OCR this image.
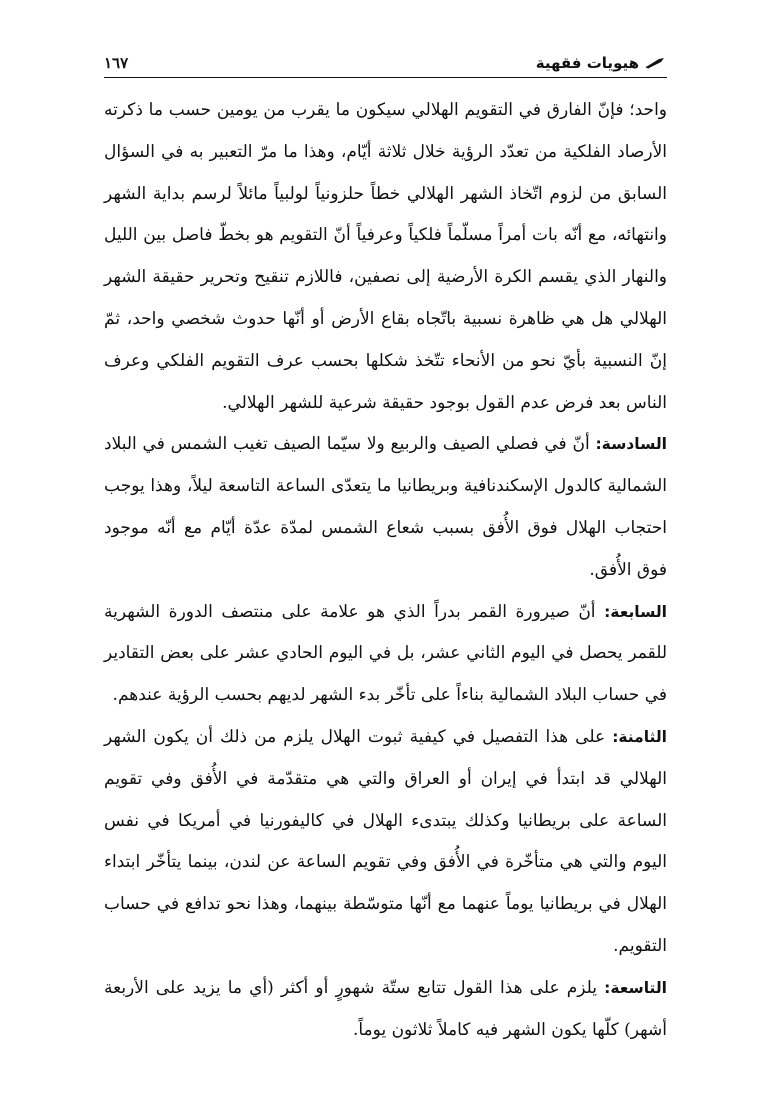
هيويات فقهية
١٦٧

واحد؛ فإنّ الفارق في التقويم الهلالي سيكون ما يقرب من يومين حسب ما ذكرته الأرصاد الفلكية من تعدّد الرؤية خلال ثلاثة أيّام، وهذا ما مرّ التعبير به في السؤال السابق من لزوم اتّخاذ الشهر الهلالي خطاً حلزونياً لولبياً مائلاً لرسم بداية الشهر وانتهائه، مع أنّه بات أمراً مسلّماً فلكياً وعرفياً أنّ التقويم هو بخطّ فاصل بين الليل والنهار الذي يقسم الكرة الأرضية إلى نصفين، فاللازم تنقيح وتحرير حقيقة الشهر الهلالي هل هي ظاهرة نسبية باتّجاه بقاع الأرض أو أنّها حدوث شخصي واحد، ثمّ إنّ النسبية بأيّ نحو من الأنحاء تتّخذ شكلها بحسب عرف التقويم الفلكي وعرف الناس بعد فرض عدم القول بوجود حقيقة شرعية للشهر الهلالي.

السادسة: أنّ في فصلي الصيف والربيع ولا سيّما الصيف تغيب الشمس في البلاد الشمالية كالدول الإسكندنافية وبريطانيا ما يتعدّى الساعة التاسعة ليلاً، وهذا يوجب احتجاب الهلال فوق الأُفق بسبب شعاع الشمس لمدّة عدّة أيّام مع أنّه موجود فوق الأُفق.

السابعة: أنّ صيرورة القمر بدراً الذي هو علامة على منتصف الدورة الشهرية للقمر يحصل في اليوم الثاني عشر، بل في اليوم الحادي عشر على بعض التقادير في حساب البلاد الشمالية بناءاً على تأخّر بدء الشهر لديهم بحسب الرؤية عندهم.

الثامنة: على هذا التفصيل في كيفية ثبوت الهلال يلزم من ذلك أن يكون الشهر الهلالي قد ابتدأ في إيران أو العراق والتي هي متقدّمة في الأُفق وفي تقويم الساعة على بريطانيا وكذلك يبتدىء الهلال في كاليفورنيا في أمريكا في نفس اليوم والتي هي متأخّرة في الأُفق وفي تقويم الساعة عن لندن، بينما يتأخّر ابتداء الهلال في بريطانيا يوماً عنهما مع أنّها متوسّطة بينهما، وهذا نحو تدافع في حساب التقويم.

التاسعة: يلزم على هذا القول تتابع ستّة شهورٍ أو أكثر (أي ما يزيد على الأربعة أشهر) كلّها يكون الشهر فيه كاملاً ثلاثون يوماً.
